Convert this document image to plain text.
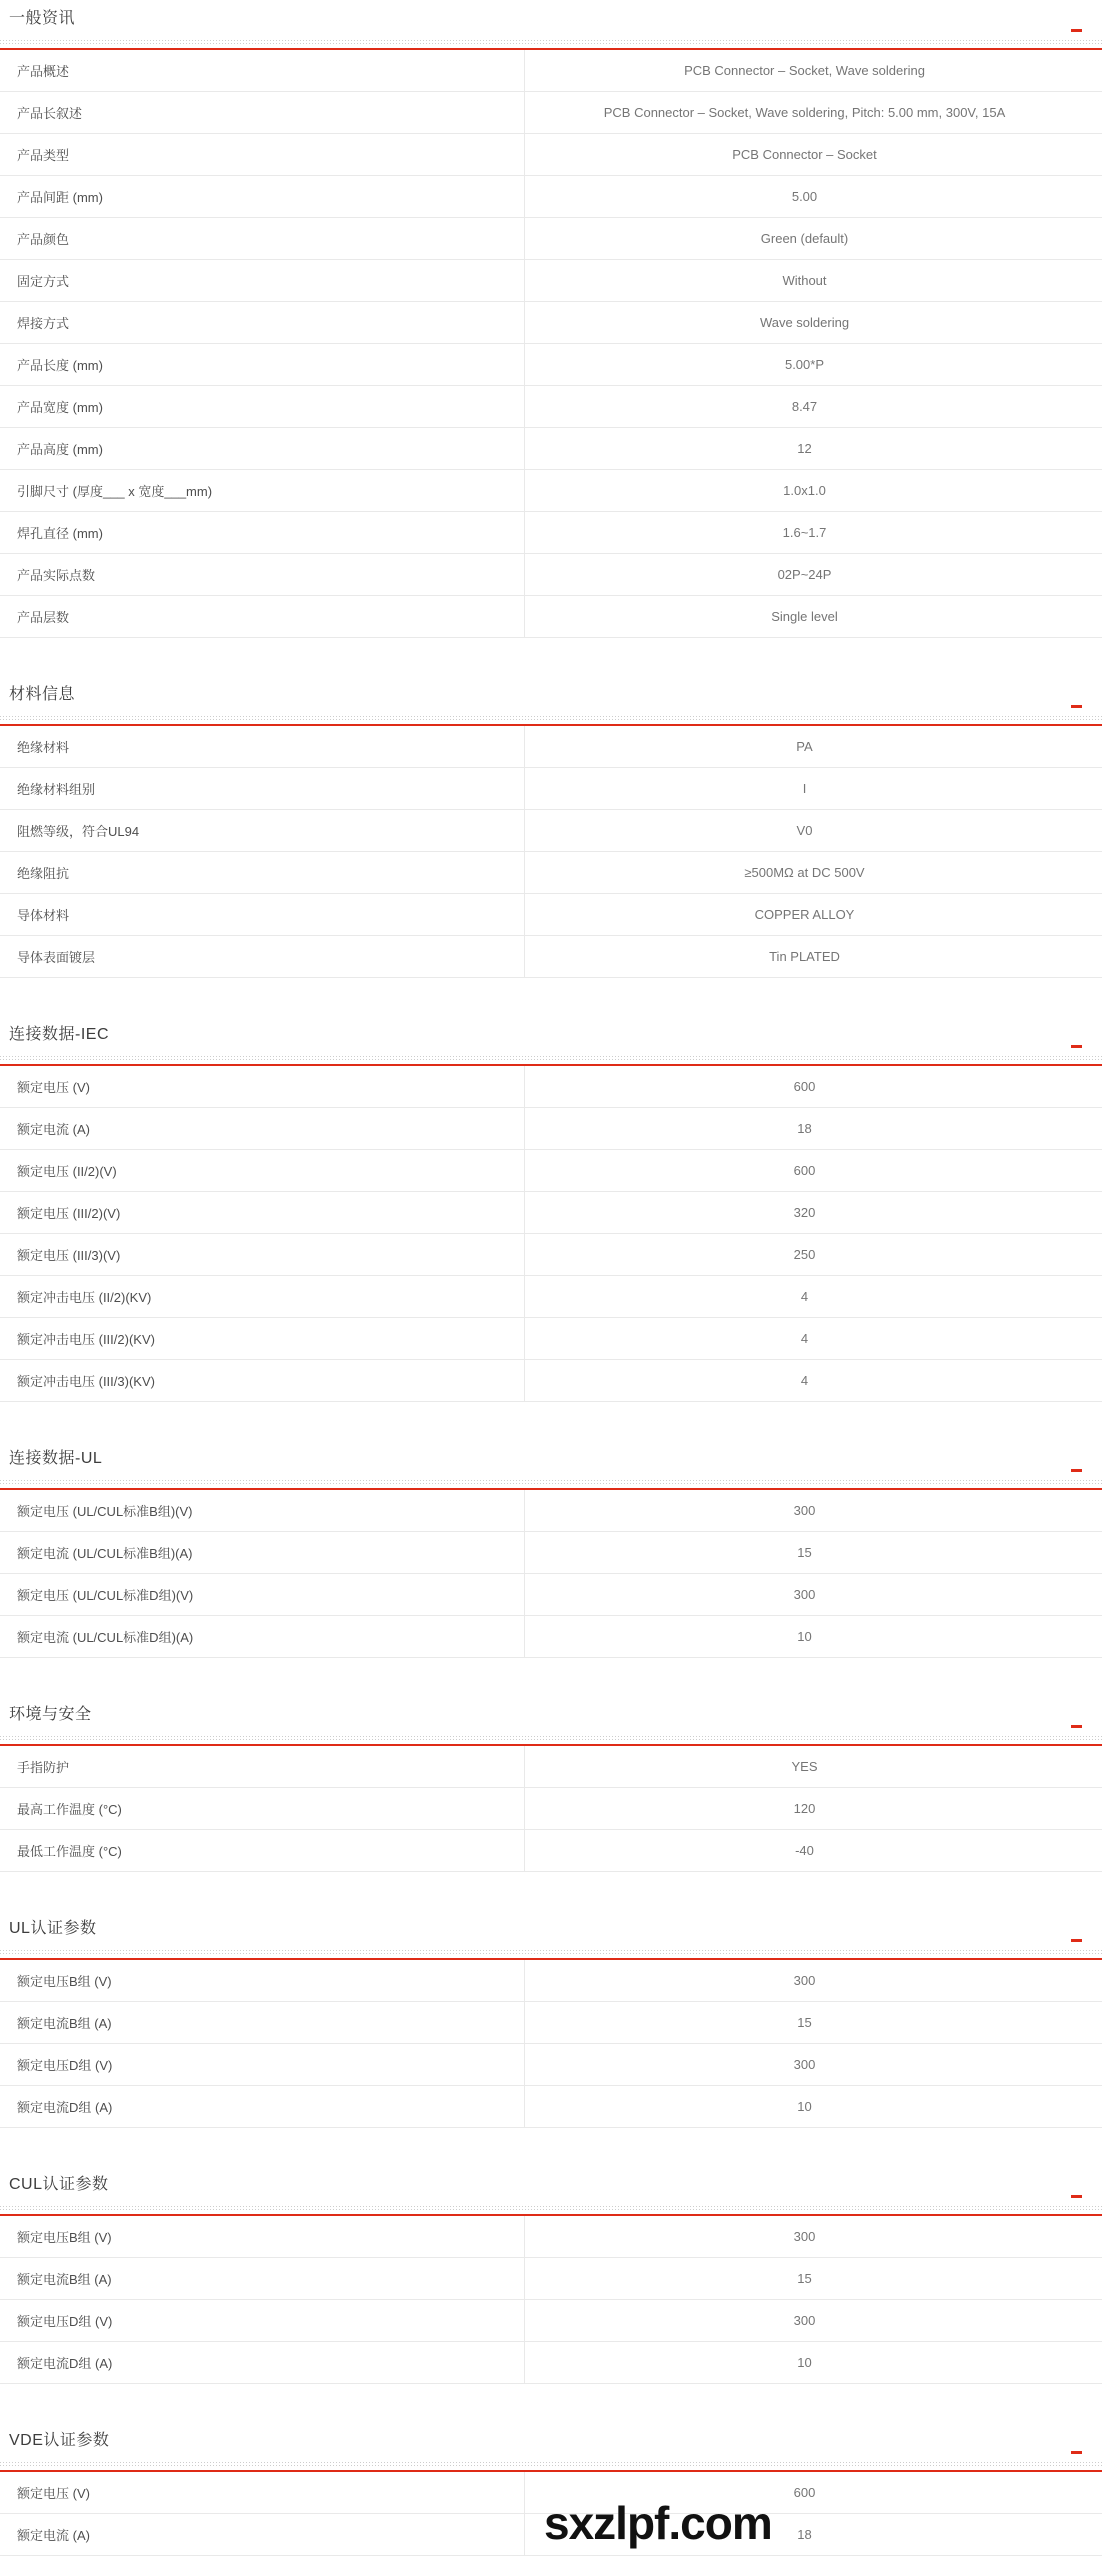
一般资讯
产品概述	PCB Connector – Socket, Wave soldering
产品长叙述	PCB Connector – Socket, Wave soldering, Pitch: 5.00 mm, 300V, 15A
产品类型	PCB Connector – Socket
产品间距 (mm)	5.00
产品颜色	Green (default)
固定方式	Without
焊接方式	Wave soldering
产品长度 (mm)	5.00*P
产品宽度 (mm)	8.47
产品高度 (mm)	12
引脚尺寸 (厚度___ x 宽度___mm)	1.0x1.0
焊孔直径 (mm)	1.6~1.7
产品实际点数	02P~24P
产品层数	Single level
材料信息
绝缘材料	PA
绝缘材料组别	I
阻燃等级，符合UL94	V0
绝缘阻抗	≥500MΩ at DC 500V
导体材料	COPPER ALLOY
导体表面镀层	Tin PLATED
连接数据-IEC
额定电压 (V)	600
额定电流 (A)	18
额定电压 (II/2)(V)	600
额定电压 (III/2)(V)	320
额定电压 (III/3)(V)	250
额定冲击电压 (II/2)(KV)	4
额定冲击电压 (III/2)(KV)	4
额定冲击电压 (III/3)(KV)	4
连接数据-UL
额定电压 (UL/CUL标准B组)(V)	300
额定电流 (UL/CUL标准B组)(A)	15
额定电压 (UL/CUL标准D组)(V)	300
额定电流 (UL/CUL标准D组)(A)	10
环境与安全
手指防护	YES
最高工作温度 (°C)	120
最低工作温度 (°C)	-40
UL认证参数
额定电压B组 (V)	300
额定电流B组 (A)	15
额定电压D组 (V)	300
额定电流D组 (A)	10
CUL认证参数
额定电压B组 (V)	300
额定电流B组 (A)	15
额定电压D组 (V)	300
额定电流D组 (A)	10
VDE认证参数
额定电压 (V)	600
额定电流 (A)	18
sxzlpf.com
